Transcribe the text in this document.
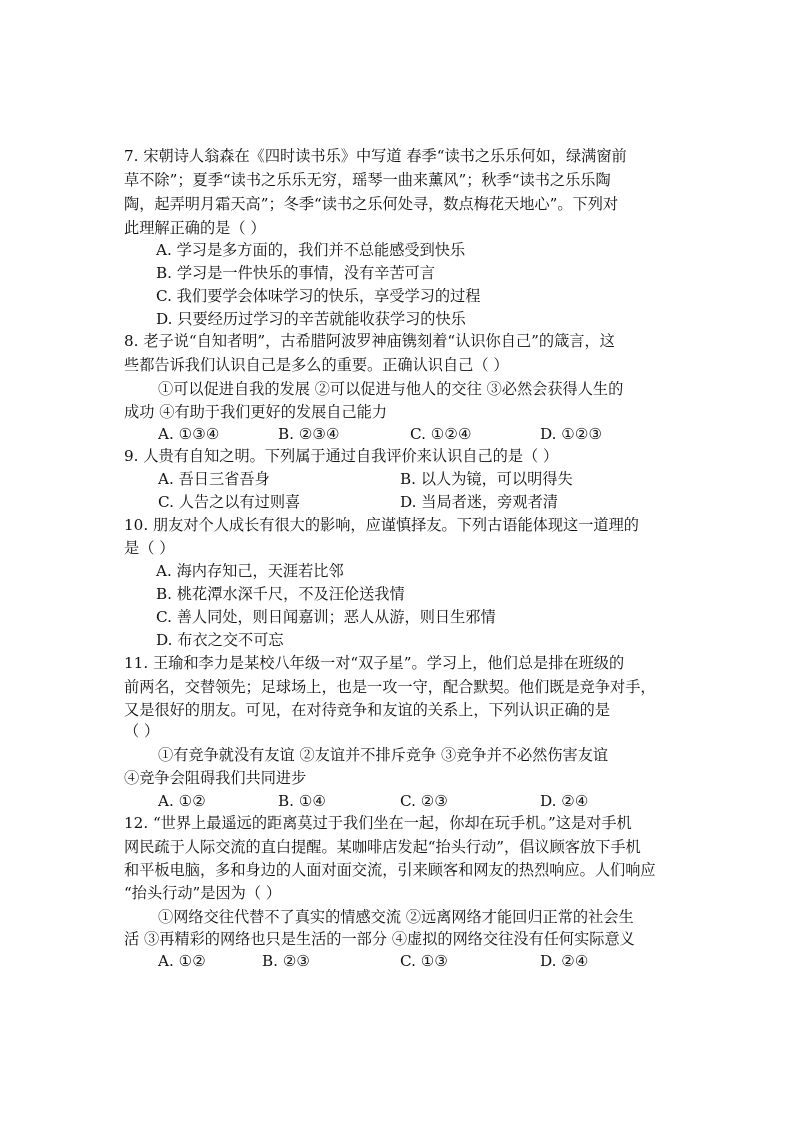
7. 宋朝诗人翁森在《四时读书乐》中写道 春季“读书之乐乐何如，绿满窗前
草不除”；夏季“读书之乐乐无穷，瑶琴一曲来薰风”；秋季“读书之乐乐陶
陶，起弄明月霜天高”；冬季“读书之乐何处寻，数点梅花天地心”。下列对
此理解正确的是（ ）
A. 学习是多方面的，我们并不总能感受到快乐
B. 学习是一件快乐的事情，没有辛苦可言
C. 我们要学会体味学习的快乐，享受学习的过程
D. 只要经历过学习的辛苦就能收获学习的快乐
8. 老子说“自知者明”，古希腊阿波罗神庙镌刻着“认识你自己”的箴言，这
些都告诉我们认识自己是多么的重要。正确认识自己（ ）
①可以促进自我的发展 ②可以促进与他人的交往 ③必然会获得人生的
成功 ④有助于我们更好的发展自己能力
A. ①③④	B. ②③④	C. ①②④	D. ①②③
9. 人贵有自知之明。下列属于通过自我评价来认识自己的是（ ）
A. 吾日三省吾身	B. 以人为镜，可以明得失
C. 人告之以有过则喜	D. 当局者迷，旁观者清
10. 朋友对个人成长有很大的影响，应谨慎择友。下列古语能体现这一道理的
是（ ）
A. 海内存知己，天涯若比邻
B. 桃花潭水深千尺，不及汪伦送我情
C. 善人同处，则日闻嘉训；恶人从游，则日生邪情
D. 布衣之交不可忘
11. 王瑜和李力是某校八年级一对“双子星”。学习上，他们总是排在班级的
前两名，交替领先；足球场上，也是一攻一守，配合默契。他们既是竞争对手，
又是很好的朋友。可见，在对待竞争和友谊的关系上，下列认识正确的是
（ ）
①有竞争就没有友谊 ②友谊并不排斥竞争 ③竞争并不必然伤害友谊
④竞争会阻碍我们共同进步
A. ①②	B. ①④	C. ②③	D. ②④
12. “世界上最遥远的距离莫过于我们坐在一起，你却在玩手机。”这是对手机
网民疏于人际交流的直白提醒。某咖啡店发起“抬头行动”，倡议顾客放下手机
和平板电脑，多和身边的人面对面交流，引来顾客和网友的热烈响应。人们响应
“抬头行动”是因为（ ）
①网络交往代替不了真实的情感交流 ②远离网络才能回归正常的社会生
活 ③再精彩的网络也只是生活的一部分 ④虚拟的网络交往没有任何实际意义
A. ①②	B. ②③	C. ①③	D. ②④
